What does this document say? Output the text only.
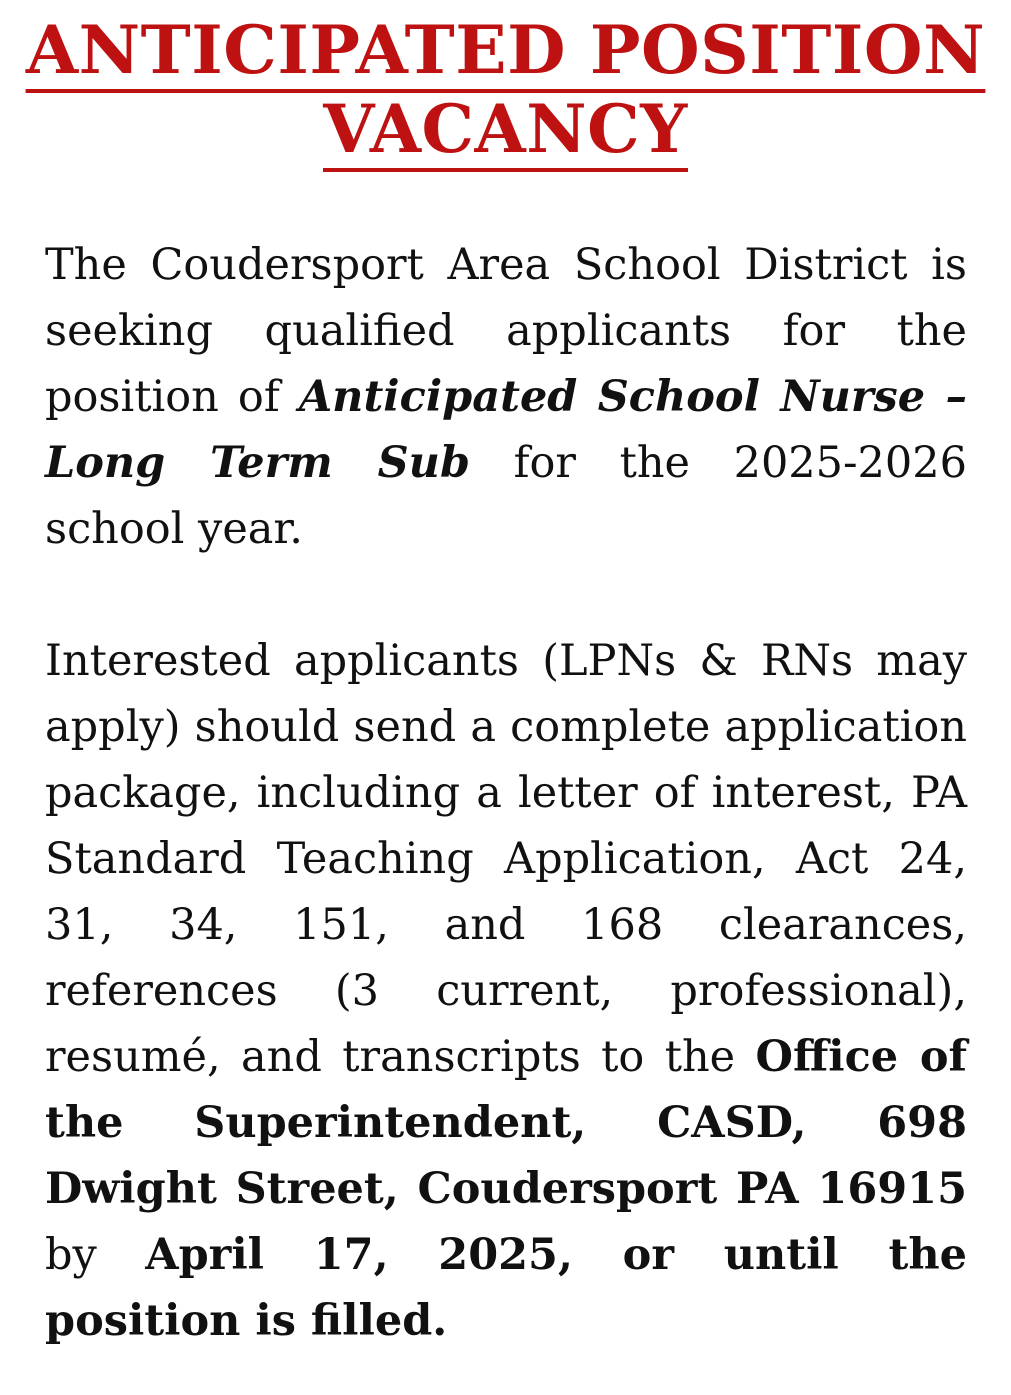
ANTICIPATED POSITION
VACANCY

The Coudersport Area School District is seeking qualified applicants for the position of Anticipated School Nurse – Long Term Sub for the 2025-2026 school year.

Interested applicants (LPNs & RNs may apply) should send a complete application package, including a letter of interest, PA Standard Teaching Application, Act 24, 31, 34, 151, and 168 clearances, references (3 current, professional), resumé, and transcripts to the Office of the Superintendent, CASD, 698 Dwight Street, Coudersport PA 16915 by April 17, 2025, or until the position is filled.
